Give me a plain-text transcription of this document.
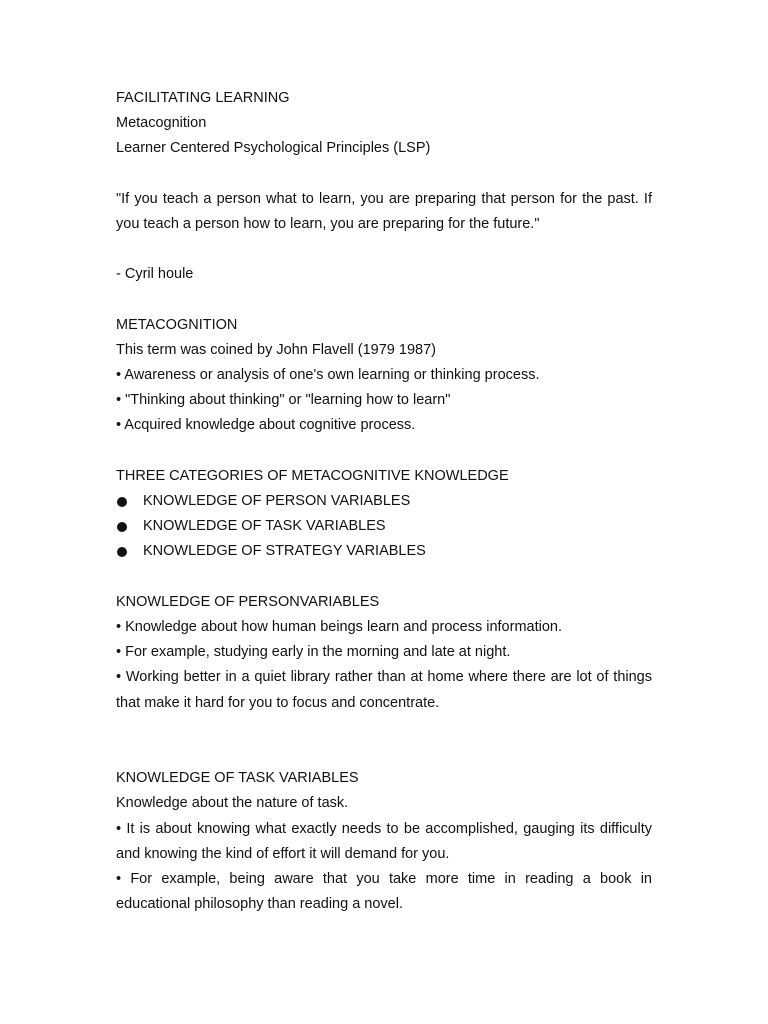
FACILITATING LEARNING
Metacognition
Learner Centered Psychological Principles (LSP)
"If you teach a person what to learn, you are preparing that person for the past. If you teach a person how to learn, you are preparing for the future."
- Cyril houle
METACOGNITION
This term was coined by John Flavell (1979 1987)
• Awareness or analysis of one's own learning or thinking process.
• "Thinking about thinking" or "learning how to learn"
• Acquired knowledge about cognitive process.
THREE CATEGORIES OF METACOGNITIVE KNOWLEDGE
KNOWLEDGE OF PERSON VARIABLES
KNOWLEDGE OF TASK VARIABLES
KNOWLEDGE OF STRATEGY VARIABLES
KNOWLEDGE OF PERSONVARIABLES
• Knowledge about how human beings learn and process information.
• For example, studying early in the morning and late at night.
• Working better in a quiet library rather than at home where there are lot of things that make it hard for you to focus and concentrate.
KNOWLEDGE OF TASK VARIABLES
Knowledge about the nature of task.
• It is about knowing what exactly needs to be accomplished, gauging its difficulty and knowing the kind of effort it will demand for you.
• For example, being aware that you take more time in reading a book in educational philosophy than reading a novel.
